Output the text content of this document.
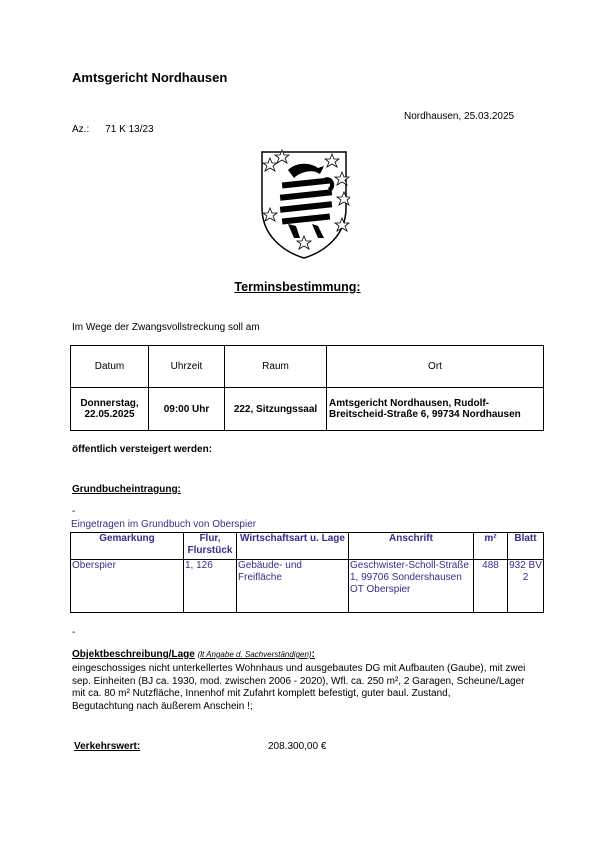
Amtsgericht Nordhausen
Nordhausen, 25.03.2025
Az.: 71 K 13/23
Terminsbestimmung:
Im Wege der Zwangsvollstreckung soll am
Datum	Uhrzeit	Raum	Ort
Donnerstag, 22.05.2025	09:00 Uhr	222, Sitzungssaal	Amtsgericht Nordhausen, Rudolf-Breitscheid-Straße 6, 99734 Nordhausen
öffentlich versteigert werden:
Grundbucheintragung:
-
Eingetragen im Grundbuch von Oberspier
Gemarkung	Flur, Flurstück	Wirtschaftsart u. Lage	Anschrift	m²	Blatt
Oberspier	1, 126	Gebäude- und Freifläche	Geschwister-Scholl-Straße 1, 99706 Sondershausen OT Oberspier	488	932 BV 2
-
Objektbeschreibung/Lage (lt Angabe d. Sachverständigen):
eingeschossiges nicht unterkellertes Wohnhaus und ausgebautes DG mit Aufbauten (Gaube), mit zwei sep. Einheiten (BJ ca. 1930, mod. zwischen 2006 - 2020), Wfl. ca. 250 m², 2 Garagen, Scheune/Lager mit ca. 80 m² Nutzfläche, Innenhof mit Zufahrt komplett befestigt, guter baul. Zustand,
Begutachtung nach äußerem Anschein !;
Verkehrswert:	208.300,00 €
